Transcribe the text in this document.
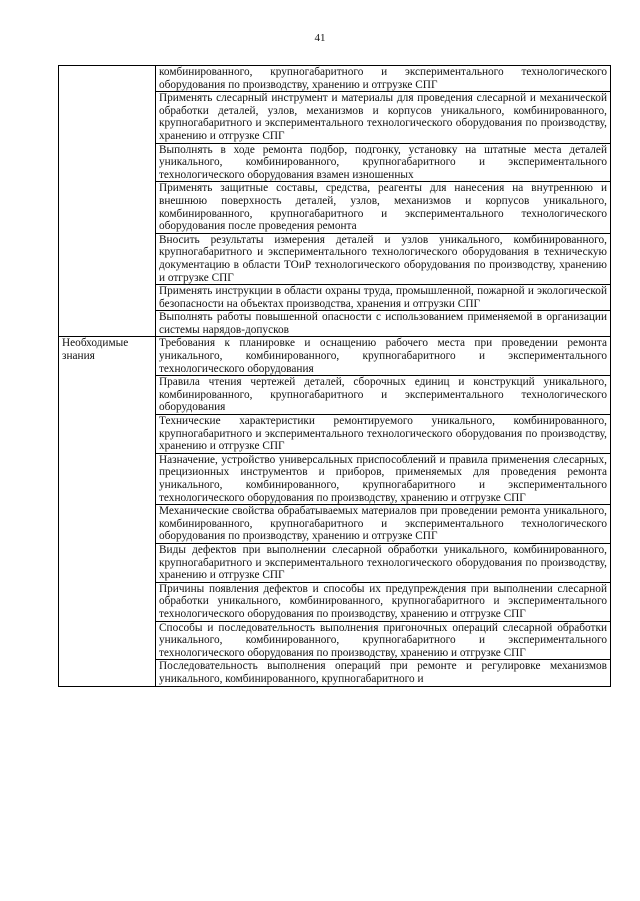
41
	комбинированного, крупногабаритного и экспериментального технологического оборудования по производству, хранению и отгрузке СПГ
	Применять слесарный инструмент и материалы для проведения слесарной и механической обработки деталей, узлов, механизмов и корпусов уникального, комбинированного, крупногабаритного и экспериментального технологического оборудования по производству, хранению и отгрузке СПГ
	Выполнять в ходе ремонта подбор, подгонку, установку на штатные места деталей уникального, комбинированного, крупногабаритного и экспериментального технологического оборудования взамен изношенных
	Применять защитные составы, средства, реагенты для нанесения на внутреннюю и внешнюю поверхность деталей, узлов, механизмов и корпусов уникального, комбинированного, крупногабаритного и экспериментального технологического оборудования после проведения ремонта
	Вносить результаты измерения деталей и узлов уникального, комбинированного, крупногабаритного и экспериментального технологического оборудования в техническую документацию в области ТОиР технологического оборудования по производству, хранению и отгрузке СПГ
	Применять инструкции в области охраны труда, промышленной, пожарной и экологической безопасности на объектах производства, хранения и отгрузки СПГ
	Выполнять работы повышенной опасности с использованием применяемой в организации системы нарядов-допусков
Необходимые знания	Требования к планировке и оснащению рабочего места при проведении ремонта уникального, комбинированного, крупногабаритного и экспериментального технологического оборудования
	Правила чтения чертежей деталей, сборочных единиц и конструкций уникального, комбинированного, крупногабаритного и экспериментального технологического оборудования
	Технические характеристики ремонтируемого уникального, комбинированного, крупногабаритного и экспериментального технологического оборудования по производству, хранению и отгрузке СПГ
	Назначение, устройство универсальных приспособлений и правила применения слесарных, прецизионных инструментов и приборов, применяемых для проведения ремонта уникального, комбинированного, крупногабаритного и экспериментального технологического оборудования по производству, хранению и отгрузке СПГ
	Механические свойства обрабатываемых материалов при проведении ремонта уникального, комбинированного, крупногабаритного и экспериментального технологического оборудования по производству, хранению и отгрузке СПГ
	Виды дефектов при выполнении слесарной обработки уникального, комбинированного, крупногабаритного и экспериментального технологического оборудования по производству, хранению и отгрузке СПГ
	Причины появления дефектов и способы их предупреждения при выполнении слесарной обработки уникального, комбинированного, крупногабаритного и экспериментального технологического оборудования по производству, хранению и отгрузке СПГ
	Способы и последовательность выполнения пригоночных операций слесарной обработки уникального, комбинированного, крупногабаритного и экспериментального технологического оборудования по производству, хранению и отгрузке СПГ
	Последовательность выполнения операций при ремонте и регулировке механизмов уникального, комбинированного, крупногабаритного и
